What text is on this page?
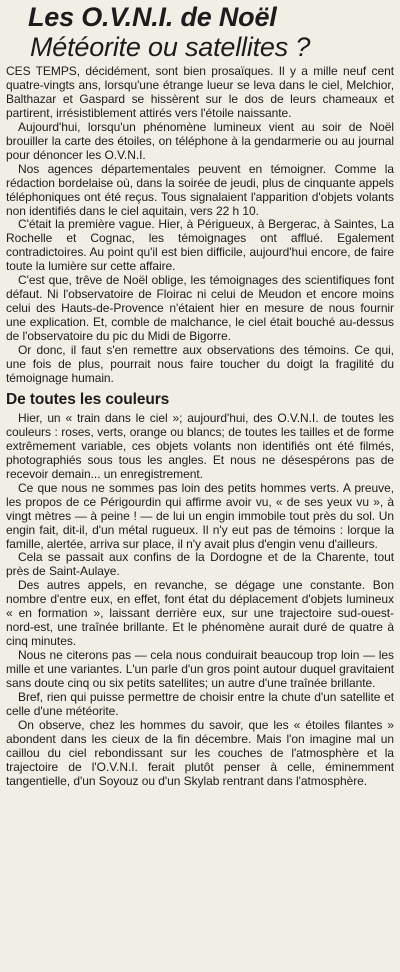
Les O.V.N.I. de Noël
Météorite ou satellites ?

CES TEMPS, décidément, sont bien prosaïques. Il y a mille neuf cent quatre-vingts ans, lorsqu'une étrange lueur se leva dans le ciel, Melchior, Balthazar et Gaspard se hissèrent sur le dos de leurs chameaux et partirent, irrésistiblement attirés vers l'étoile naissante.

Aujourd'hui, lorsqu'un phénomène lumineux vient au soir de Noël brouiller la carte des étoiles, on téléphone à la gendarmerie ou au journal pour dénoncer les O.V.N.I.

Nos agences départementales peuvent en témoigner. Comme la rédaction bordelaise où, dans la soirée de jeudi, plus de cinquante appels téléphoniques ont été reçus. Tous signalaient l'apparition d'objets volants non identifiés dans le ciel aquitain, vers 22 h 10.

C'était la première vague. Hier, à Périgueux, à Bergerac, à Saintes, La Rochelle et Cognac, les témoignages ont afflué. Egalement contradictoires. Au point qu'il est bien difficile, aujourd'hui encore, de faire toute la lumière sur cette affaire.

C'est que, trêve de Noël oblige, les témoignages des scientifiques font défaut. Ni l'observatoire de Floirac ni celui de Meudon et encore moins celui des Hauts-de-Provence n'étaient hier en mesure de nous fournir une explication. Et, comble de malchance, le ciel était bouché au-dessus de l'observatoire du pic du Midi de Bigorre.

Or donc, il faut s'en remettre aux observations des témoins. Ce qui, une fois de plus, pourrait nous faire toucher du doigt la fragilité du témoignage humain.

De toutes les couleurs

Hier, un « train dans le ciel »; aujourd'hui, des O.V.N.I. de toutes les couleurs : roses, verts, orange ou blancs; de toutes les tailles et de forme extrêmement variable, ces objets volants non identifiés ont été filmés, photographiés sous tous les angles. Et nous ne désespérons pas de recevoir demain... un enregistrement.

Ce que nous ne sommes pas loin des petits hommes verts. A preuve, les propos de ce Périgourdin qui affirme avoir vu, « de ses yeux vu », à vingt mètres — à peine ! — de lui un engin immobile tout près du sol. Un engin fait, dit-il, d'un métal rugueux. Il n'y eut pas de témoins : lorque la famille, alertée, arriva sur place, il n'y avait plus d'engin venu d'ailleurs.

Cela se passait aux confins de la Dordogne et de la Charente, tout près de Saint-Aulaye.

Des autres appels, en revanche, se dégage une constante. Bon nombre d'entre eux, en effet, font état du déplacement d'objets lumineux « en formation », laissant derrière eux, sur une trajectoire sud-ouest-nord-est, une traînée brillante. Et le phénomène aurait duré de quatre à cinq minutes.

Nous ne citerons pas — cela nous conduirait beaucoup trop loin — les mille et une variantes. L'un parle d'un gros point autour duquel gravitaient sans doute cinq ou six petits satellites; un autre d'une traînée brillante.

Bref, rien qui puisse permettre de choisir entre la chute d'un satellite et celle d'une météorite.

On observe, chez les hommes du savoir, que les « étoiles filantes » abondent dans les cieux de la fin décembre. Mais l'on imagine mal un caillou du ciel rebondissant sur les couches de l'atmosphère et la trajectoire de l'O.V.N.I. ferait plutôt penser à celle, éminemment tangentielle, d'un Soyouz ou d'un Skylab rentrant dans l'atmosphère.
